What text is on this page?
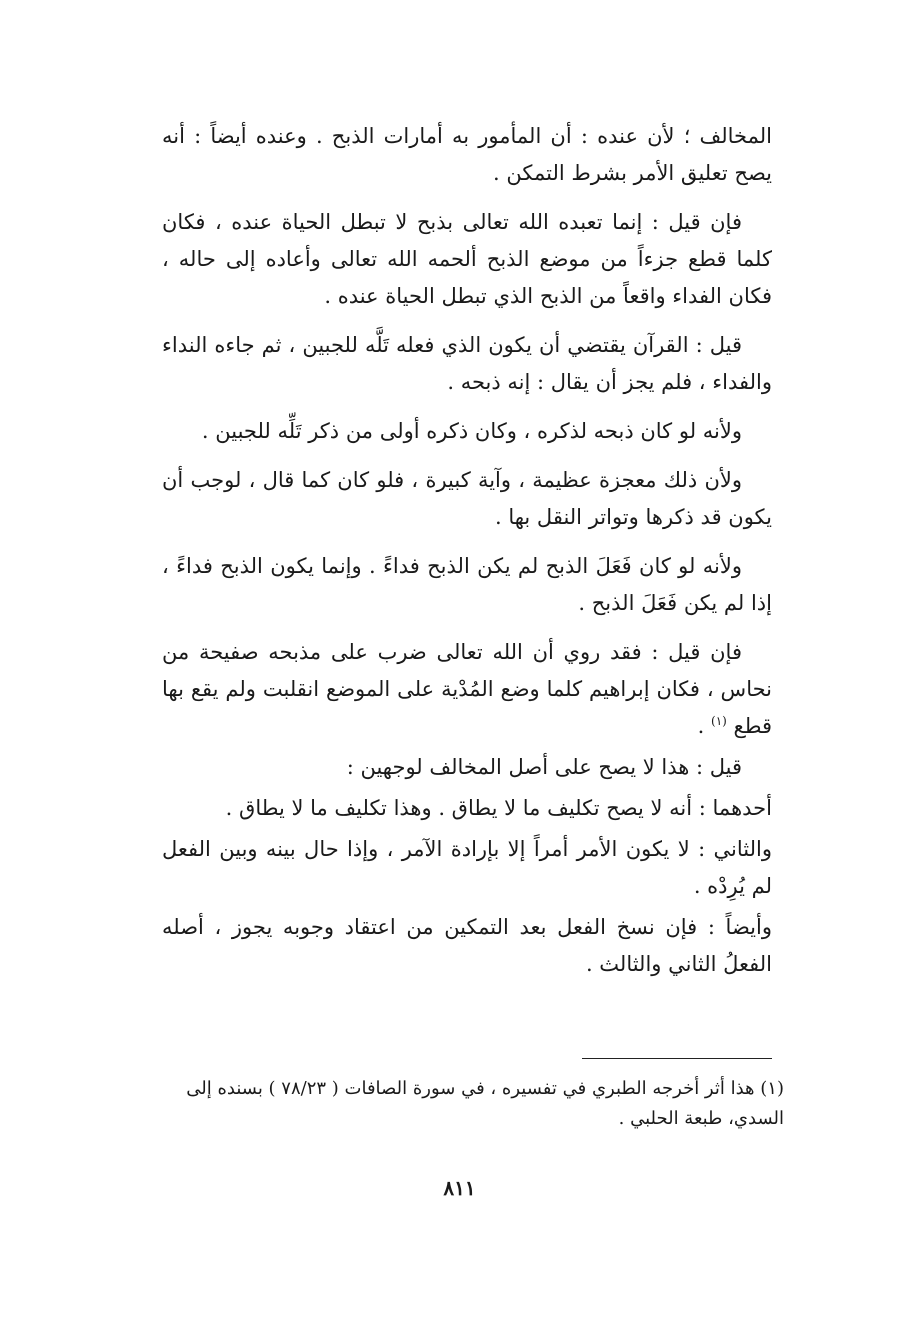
المخالف ؛ لأن عنده : أن المأمور به أمارات الذبح . وعنده أيضاً : أنه يصح تعليق الأمر بشرط التمكن .

فإن قيل : إنما تعبده الله تعالى بذبح لا تبطل الحياة عنده ، فكان كلما قطع جزءاً من موضع الذبح ألحمه الله تعالى وأعاده إلى حاله ، فكان الفداء واقعاً من الذبح الذي تبطل الحياة عنده .

قيل : القرآن يقتضي أن يكون الذي فعله تَلَّه للجبين ، ثم جاءه النداء والفداء ، فلم يجز أن يقال : إنه ذبحه .

ولأنه لو كان ذبحه لذكره ، وكان ذكره أولى من ذكر تَلِّه للجبين .

ولأن ذلك معجزة عظيمة ، وآية كبيرة ، فلو كان كما قال ، لوجب أن يكون قد ذكرها وتواتر النقل بها .

ولأنه لو كان فَعَلَ الذبح لم يكن الذبح فداءً . وإنما يكون الذبح فداءً ، إذا لم يكن فَعَلَ الذبح .

فإن قيل : فقد روي أن الله تعالى ضرب على مذبحه صفيحة من نحاس ، فكان إبراهيم كلما وضع المُدْية على الموضع انقلبت ولم يقع بها قطع $^{(١)}$ .

قيل : هذا لا يصح على أصل المخالف لوجهين :

أحدهما : أنه لا يصح تكليف ما لا يطاق . وهذا تكليف ما لا يطاق .

والثاني : لا يكون الأمر أمراً إلا بإرادة الآمر ، وإذا حال بينه وبين الفعل لم يُرِدْه .

وأيضاً : فإن نسخ الفعل بعد التمكين من اعتقاد وجوبه يجوز ، أصله الفعلُ الثاني والثالث .

(١) هذا أثر أخرجه الطبري في تفسيره ، في سورة الصافات ( ٧٨/٢٣ ) بسنده إلى السدي، طبعة الحلبي .
٨١١
